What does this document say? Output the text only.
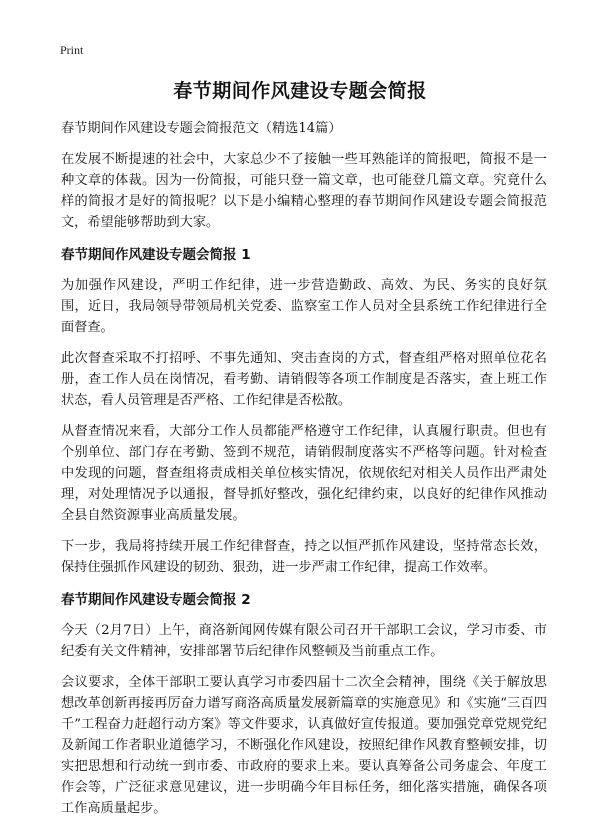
Print
春节期间作风建设专题会简报
春节期间作风建设专题会简报范文（精选14篇）

在发展不断提速的社会中，大家总少不了接触一些耳熟能详的简报吧，简报不是一种文章的体裁。因为一份简报，可能只登一篇文章，也可能登几篇文章。究竟什么样的简报才是好的简报呢？以下是小编精心整理的春节期间作风建设专题会简报范文，希望能够帮助到大家。

春节期间作风建设专题会简报 1

为加强作风建设，严明工作纪律，进一步营造勤政、高效、为民、务实的良好氛围，近日，我局领导带领局机关党委、监察室工作人员对全县系统工作纪律进行全面督查。

此次督查采取不打招呼、不事先通知、突击查岗的方式，督查组严格对照单位花名册，查工作人员在岗情况，看考勤、请销假等各项工作制度是否落实，查上班工作状态，看人员管理是否严格、工作纪律是否松散。

从督查情况来看，大部分工作人员都能严格遵守工作纪律，认真履行职责。但也有个别单位、部门存在考勤、签到不规范，请销假制度落实不严格等问题。针对检查中发现的问题，督查组将责成相关单位核实情况，依规依纪对相关人员作出严肃处理，对处理情况予以通报，督导抓好整改，强化纪律约束，以良好的纪律作风推动全县自然资源事业高质量发展。

下一步，我局将持续开展工作纪律督查，持之以恒严抓作风建设，坚持常态长效，保持住强抓作风建设的韧劲、狠劲，进一步严肃工作纪律，提高工作效率。

春节期间作风建设专题会简报 2

今天（2月7日）上午，商洛新闻网传媒有限公司召开干部职工会议，学习市委、市纪委有关文件精神，安排部署节后纪律作风整顿及当前重点工作。

会议要求，全体干部职工要认真学习市委四届十二次全会精神，围绕《关于解放思想改革创新再接再厉奋力谱写商洛高质量发展新篇章的实施意见》和《实施“三百四千”工程奋力赶超行动方案》等文件要求，认真做好宣传报道。要加强党章党规党纪及新闻工作者职业道德学习，不断强化作风建设，按照纪律作风教育整顿安排，切实把思想和行动统一到市委、市政府的要求上来。要认真筹备公司务虚会、年度工作会等，广泛征求意见建议，进一步明确今年目标任务，细化落实措施，确保各项工作高质量起步。
